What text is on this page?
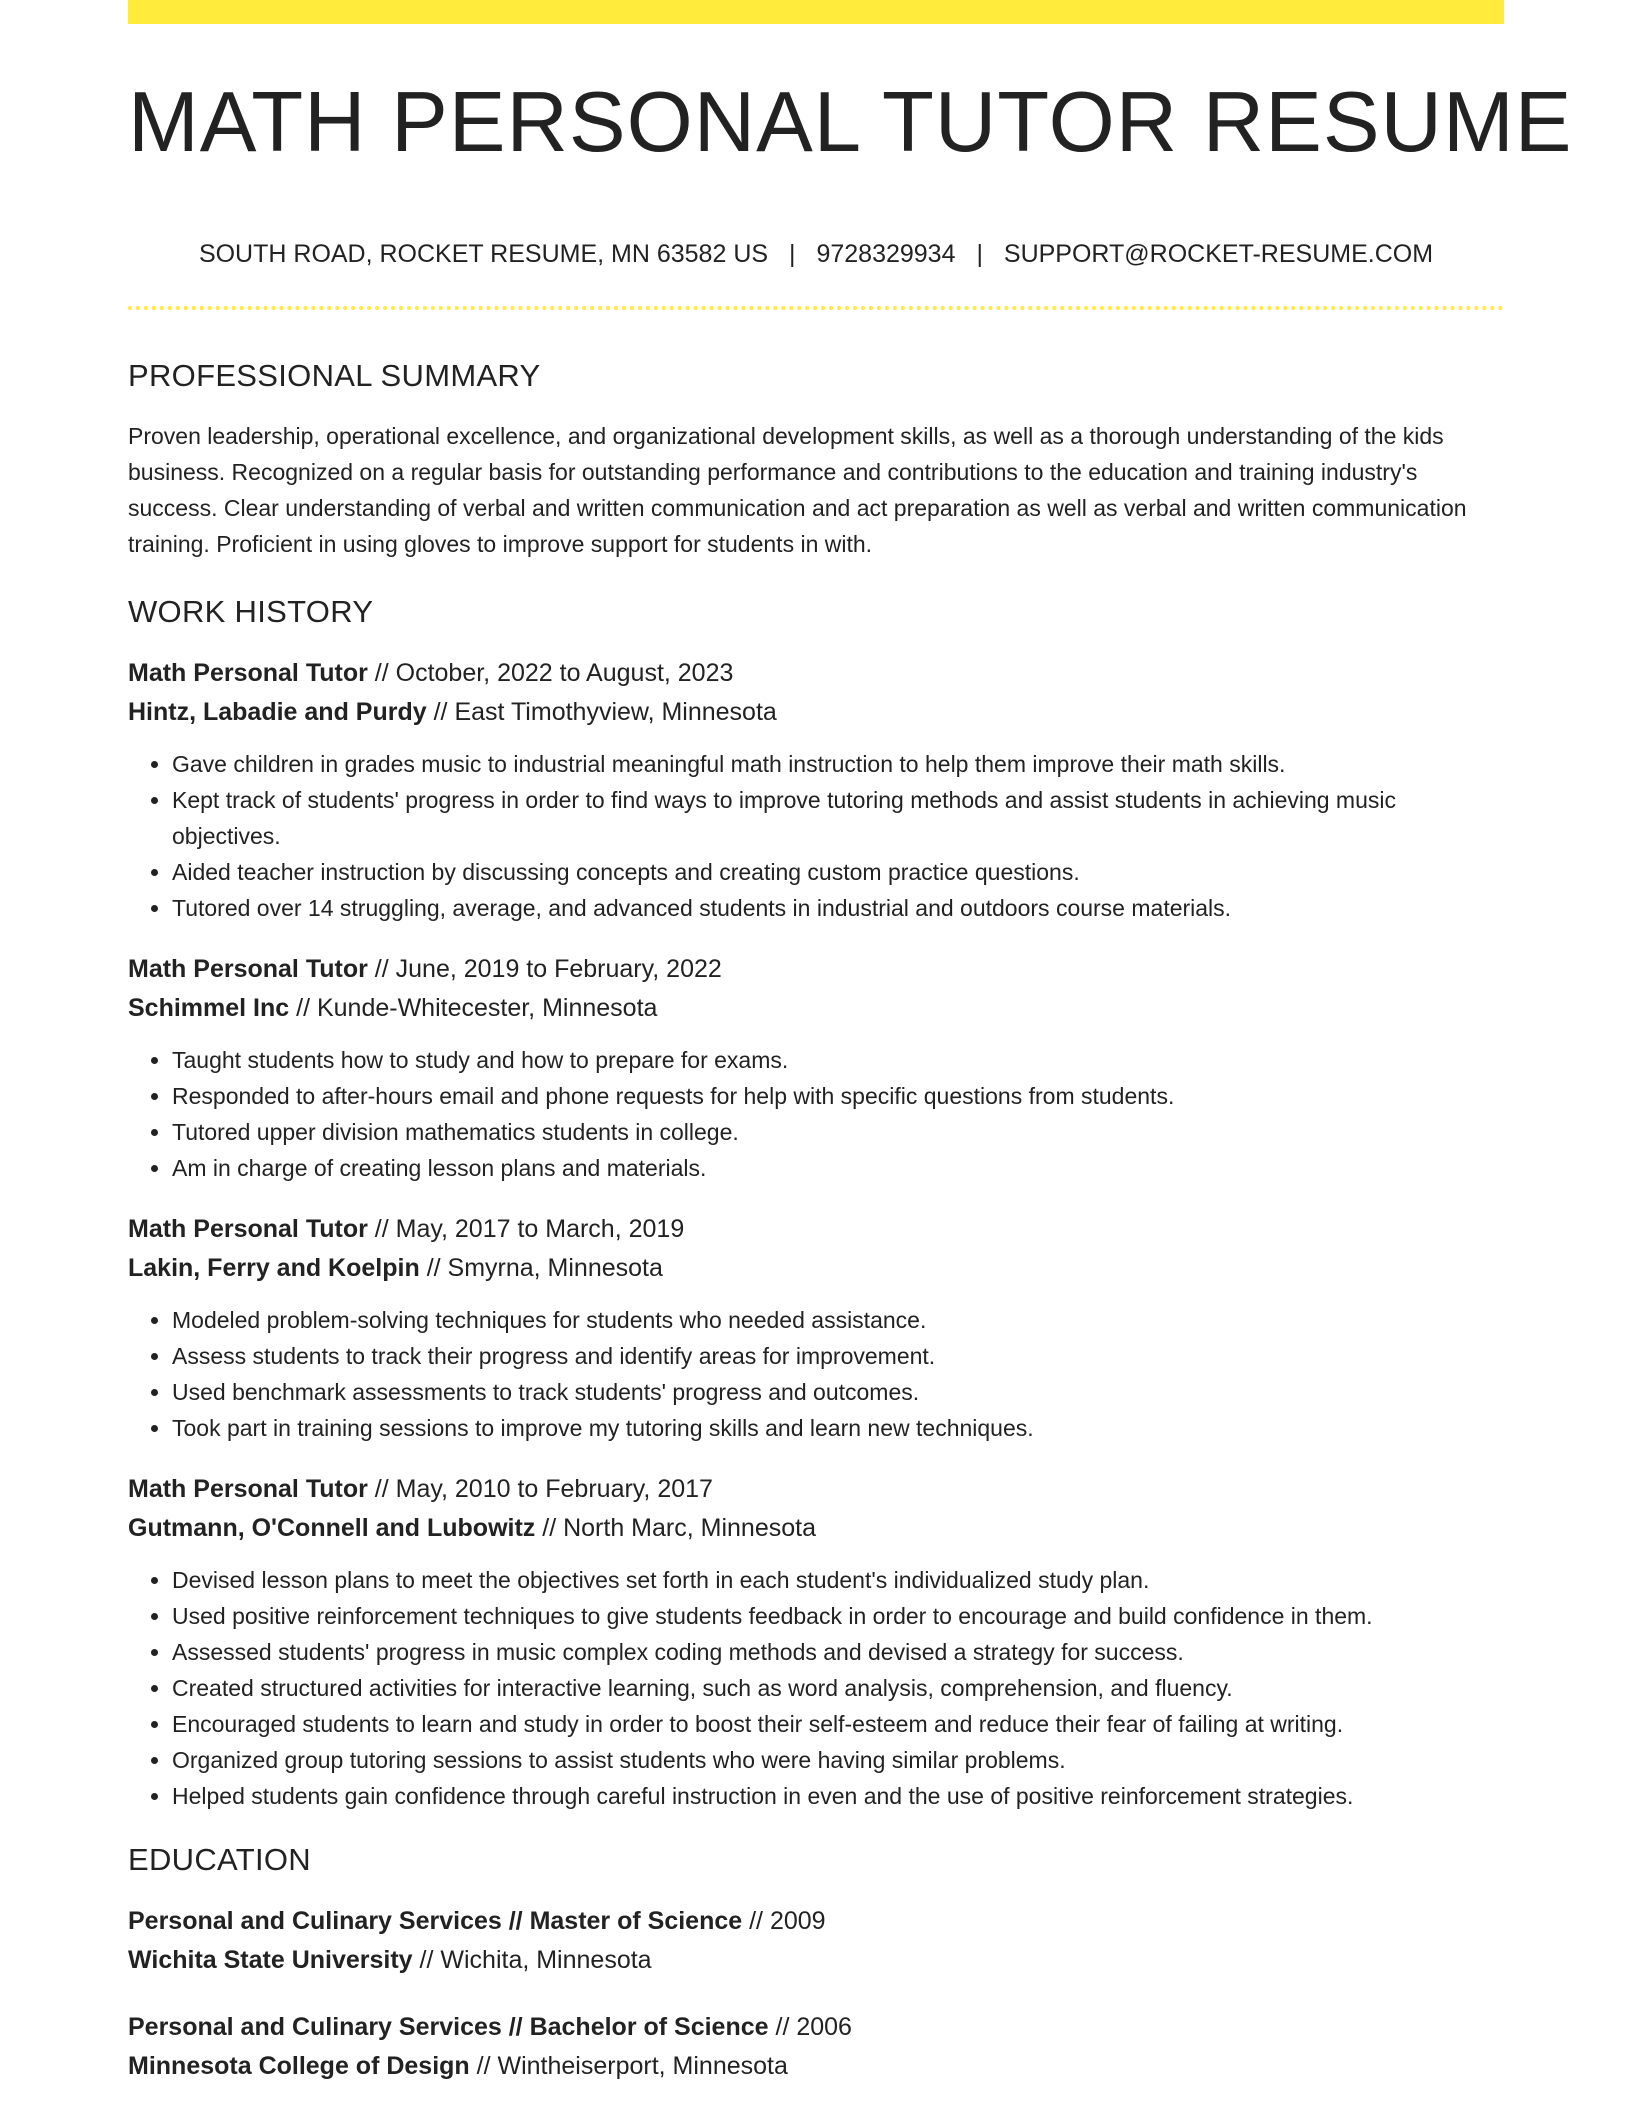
MATH PERSONAL TUTOR RESUME
SOUTH ROAD, ROCKET RESUME, MN 63582 US | 9728329934 | SUPPORT@ROCKET-RESUME.COM
PROFESSIONAL SUMMARY

Proven leadership, operational excellence, and organizational development skills, as well as a thorough understanding of the kids business. Recognized on a regular basis for outstanding performance and contributions to the education and training industry's success. Clear understanding of verbal and written communication and act preparation as well as verbal and written communication training. Proficient in using gloves to improve support for students in with.

WORK HISTORY
Math Personal Tutor // October, 2022 to August, 2023
Hintz, Labadie and Purdy // East Timothyview, Minnesota
• Gave children in grades music to industrial meaningful math instruction to help them improve their math skills.
• Kept track of students' progress in order to find ways to improve tutoring methods and assist students in achieving music objectives.
• Aided teacher instruction by discussing concepts and creating custom practice questions.
• Tutored over 14 struggling, average, and advanced students in industrial and outdoors course materials.
Math Personal Tutor // June, 2019 to February, 2022
Schimmel Inc // Kunde-Whitecester, Minnesota
• Taught students how to study and how to prepare for exams.
• Responded to after-hours email and phone requests for help with specific questions from students.
• Tutored upper division mathematics students in college.
• Am in charge of creating lesson plans and materials.
Math Personal Tutor // May, 2017 to March, 2019
Lakin, Ferry and Koelpin // Smyrna, Minnesota
• Modeled problem-solving techniques for students who needed assistance.
• Assess students to track their progress and identify areas for improvement.
• Used benchmark assessments to track students' progress and outcomes.
• Took part in training sessions to improve my tutoring skills and learn new techniques.
Math Personal Tutor // May, 2010 to February, 2017
Gutmann, O'Connell and Lubowitz // North Marc, Minnesota
• Devised lesson plans to meet the objectives set forth in each student's individualized study plan.
• Used positive reinforcement techniques to give students feedback in order to encourage and build confidence in them.
• Assessed students' progress in music complex coding methods and devised a strategy for success.
• Created structured activities for interactive learning, such as word analysis, comprehension, and fluency.
• Encouraged students to learn and study in order to boost their self-esteem and reduce their fear of failing at writing.
• Organized group tutoring sessions to assist students who were having similar problems.
• Helped students gain confidence through careful instruction in even and the use of positive reinforcement strategies.
EDUCATION
Personal and Culinary Services // Master of Science // 2009
Wichita State University // Wichita, Minnesota
Personal and Culinary Services // Bachelor of Science // 2006
Minnesota College of Design // Wintheiserport, Minnesota
